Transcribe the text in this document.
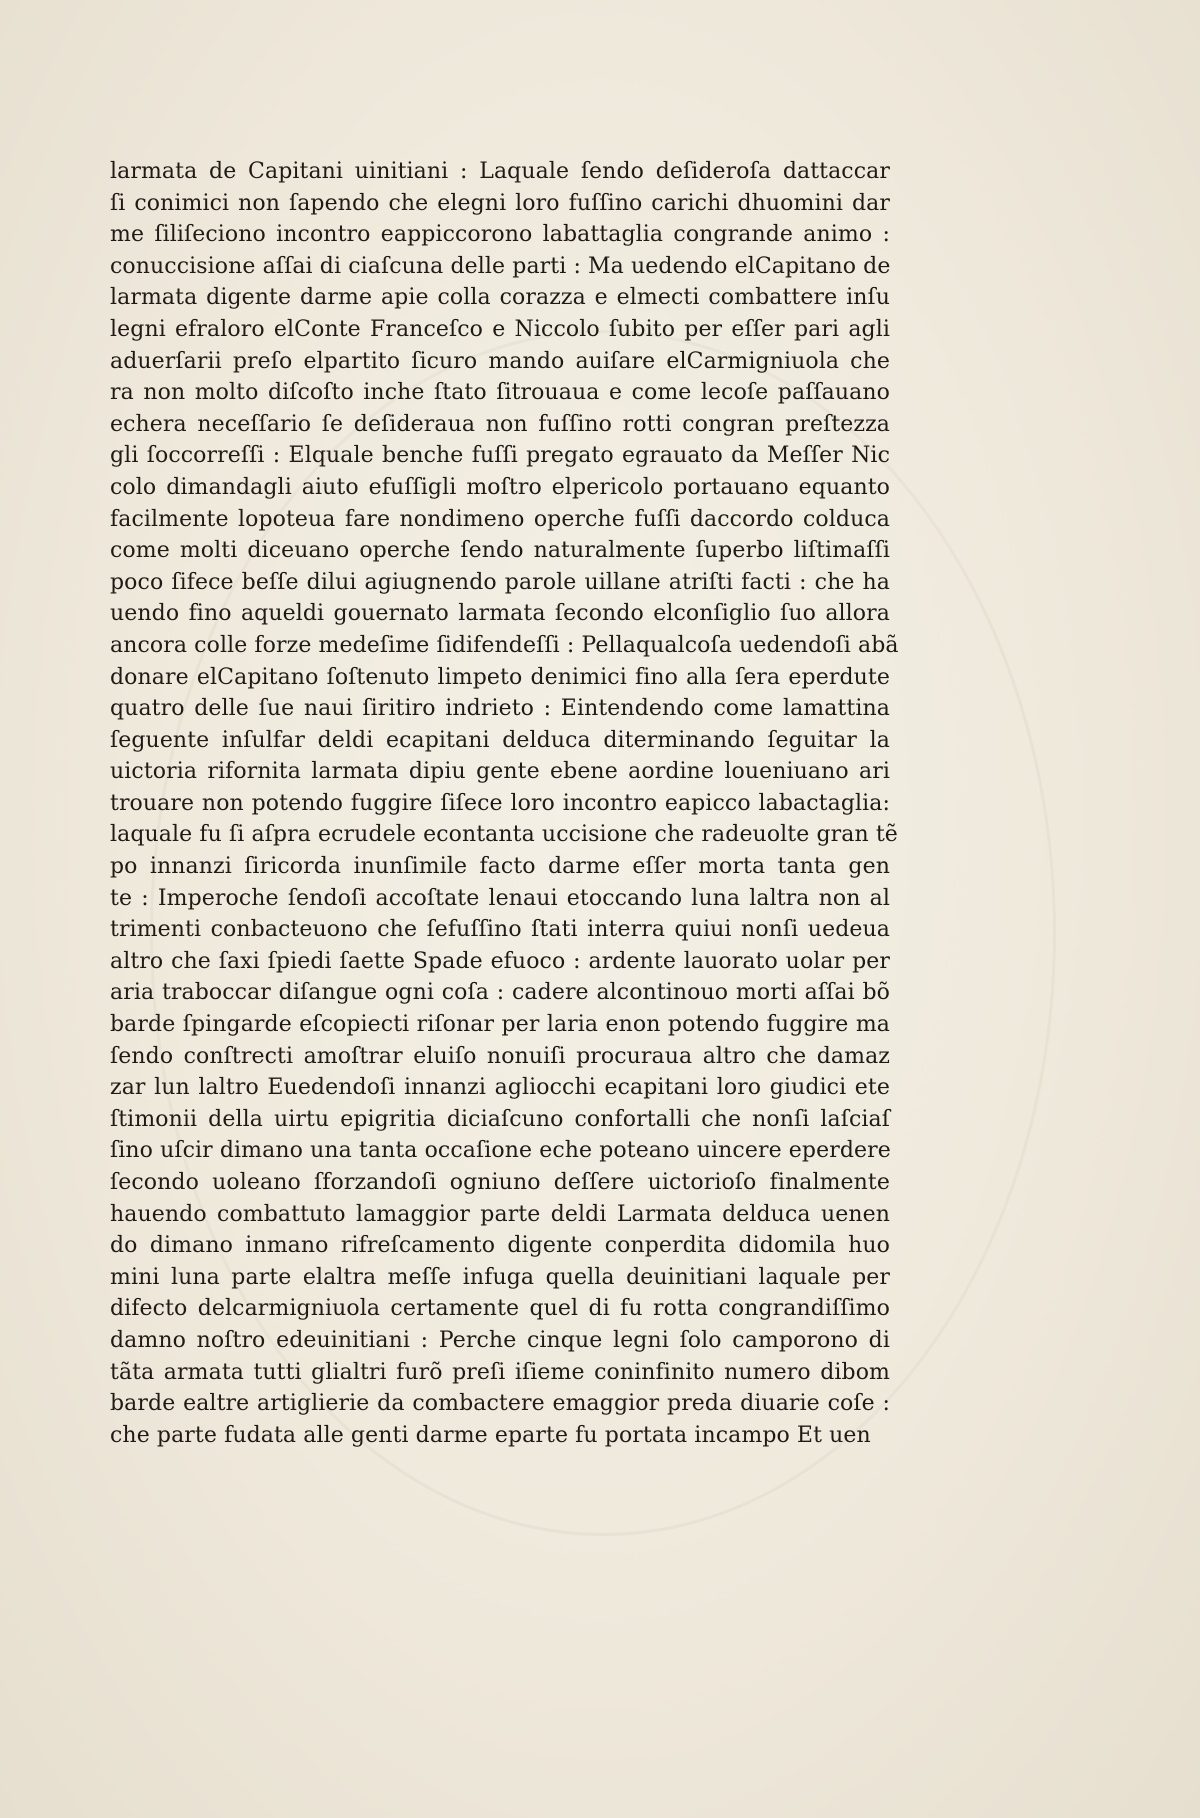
larmata de Capitani uinitiani : Laquale ſendo deſideroſa dattaccar
ſi conimici non ſapendo che elegni loro fuſſino carichi dhuomini dar
me ſiliſeciono incontro eappiccorono labattaglia congrande animo :
conuccisione aſſai di ciaſcuna delle parti : Ma uedendo elCapitano de
larmata digente darme apie colla corazza e elmecti combattere inſu
legni efraloro elConte Franceſco e Niccolo ſubito per eſſer pari agli
aduerſarii preſo elpartito ſicuro mando auiſare elCarmigniuola che
ra non molto diſcoſto inche ſtato ſitrouaua e come lecoſe paſſauano
echera neceſſario ſe deſideraua non fuſſino rotti congran preſtezza
gli ſoccorreſſi : Elquale benche fuſſi pregato egrauato da Meſſer Nic
colo dimandagli aiuto efuſſigli moſtro elpericolo portauano equanto
facilmente lopoteua fare nondimeno operche fuſſi daccordo colduca
come molti diceuano operche ſendo naturalmente ſuperbo liſtimaſſi
poco ſifece beſſe dilui agiugnendo parole uillane atriſti facti : che ha
uendo fino aqueldi gouernato larmata ſecondo elconſiglio ſuo allora
ancora colle forze medeſime ſidifendeſſi : Pellaqualcoſa uedendoſi abã
donare elCapitano ſoſtenuto limpeto denimici fino alla ſera eperdute
quatro delle ſue naui ſiritiro indrieto : Eintendendo come lamattina
ſeguente inſulfar deldi ecapitani delduca diterminando ſeguitar la
uictoria rifornita larmata dipiu gente ebene aordine loueniuano ari
trouare non potendo fuggire ſiſece loro incontro eapicco labactaglia:
laquale fu ſi aſpra ecrudele econtanta uccisione che radeuolte gran tẽ
po innanzi ſiricorda inunſimile facto darme eſſer morta tanta gen
te : Imperoche ſendoſi accoſtate lenaui etoccando luna laltra non al
trimenti conbacteuono che ſefuſſino ſtati interra quiui nonſi uedeua
altro che ſaxi ſpiedi ſaette Spade efuoco : ardente lauorato uolar per
aria traboccar diſangue ogni coſa : cadere alcontinouo morti aſſai bõ
barde ſpingarde eſcopiecti riſonar per laria enon potendo fuggire ma
ſendo conſtrecti amoſtrar eluiſo nonuiſi procuraua altro che damaz
zar lun laltro Euedendoſi innanzi agliocchi ecapitani loro giudici ete
ſtimonii della uirtu epigritia diciaſcuno confortalli che nonſi laſciaſ
ſino uſcir dimano una tanta occaſione eche poteano uincere eperdere
ſecondo uoleano ſforzandoſi ogniuno deſſere uictorioſo finalmente
hauendo combattuto lamaggior parte deldi Larmata delduca uenen
do dimano inmano rifreſcamento digente conperdita didomila huo
mini luna parte elaltra meſſe infuga quella deuinitiani laquale per
difecto delcarmigniuola certamente quel di fu rotta congrandiſſimo
damno noſtro edeuinitiani : Perche cinque legni ſolo camporono di
tãta armata tutti glialtri furõ preſi iſieme coninfinito numero dibom
barde ealtre artiglierie da combactere emaggior preda diuarie coſe :
che parte fudata alle genti darme eparte fu portata incampo Et uen
